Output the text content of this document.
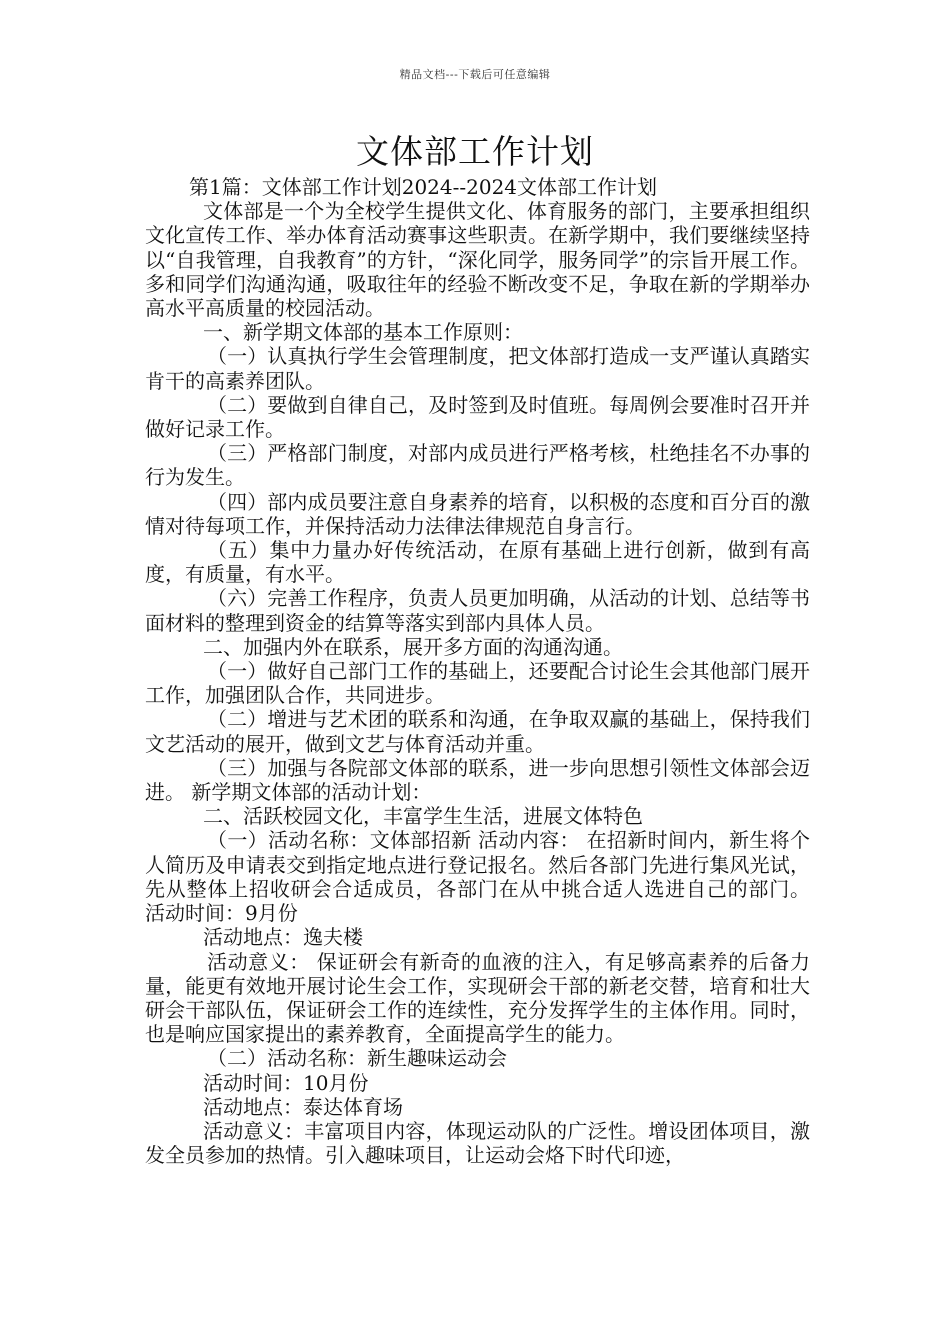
精品文档---下载后可任意编辑
文体部工作计划

第1篇：文体部工作计划2024--2024文体部工作计划

文体部是一个为全校学生提供文化、体育服务的部门，主要承担组织文化宣传工作、举办体育活动赛事这些职责。在新学期中，我们要继续坚持以“自我管理，自我教育”的方针，“深化同学，服务同学”的宗旨开展工作。多和同学们沟通沟通，吸取往年的经验不断改变不足，争取在新的学期举办高水平高质量的校园活动。

一、新学期文体部的基本工作原则：

（一）认真执行学生会管理制度，把文体部打造成一支严谨认真踏实肯干的高素养团队。

（二）要做到自律自己，及时签到及时值班。每周例会要准时召开并做好记录工作。

（三）严格部门制度，对部内成员进行严格考核，杜绝挂名不办事的行为发生。

（四）部内成员要注意自身素养的培育，以积极的态度和百分百的激情对待每项工作，并保持活动力法律法律规范自身言行。

（五）集中力量办好传统活动，在原有基础上进行创新，做到有高度，有质量，有水平。

（六）完善工作程序，负责人员更加明确，从活动的计划、总结等书面材料的整理到资金的结算等落实到部内具体人员。

二、加强内外在联系，展开多方面的沟通沟通。

（一）做好自己部门工作的基础上，还要配合讨论生会其他部门展开工作，加强团队合作，共同进步。

（二）增进与艺术团的联系和沟通，在争取双赢的基础上，保持我们文艺活动的展开，做到文艺与体育活动并重。

（三）加强与各院部文体部的联系，进一步向思想引领性文体部会迈进。 新学期文体部的活动计划：

二、活跃校园文化，丰富学生生活，进展文体特色

（一）活动名称：文体部招新 活动内容： 在招新时间内，新生将个人简历及申请表交到指定地点进行登记报名。然后各部门先进行集风光试，先从整体上招收研会合适成员，各部门在从中挑合适人选进自己的部门。 活动时间：9月份

活动地点：逸夫楼

活动意义： 保证研会有新奇的血液的注入，有足够高素养的后备力量，能更有效地开展讨论生会工作，实现研会干部的新老交替，培育和壮大研会干部队伍，保证研会工作的连续性，充分发挥学生的主体作用。同时，也是响应国家提出的素养教育，全面提高学生的能力。

（二）活动名称：新生趣味运动会

活动时间：10月份

活动地点：泰达体育场

活动意义：丰富项目内容，体现运动队的广泛性。增设团体项目，激发全员参加的热情。引入趣味项目，让运动会烙下时代印迹，
